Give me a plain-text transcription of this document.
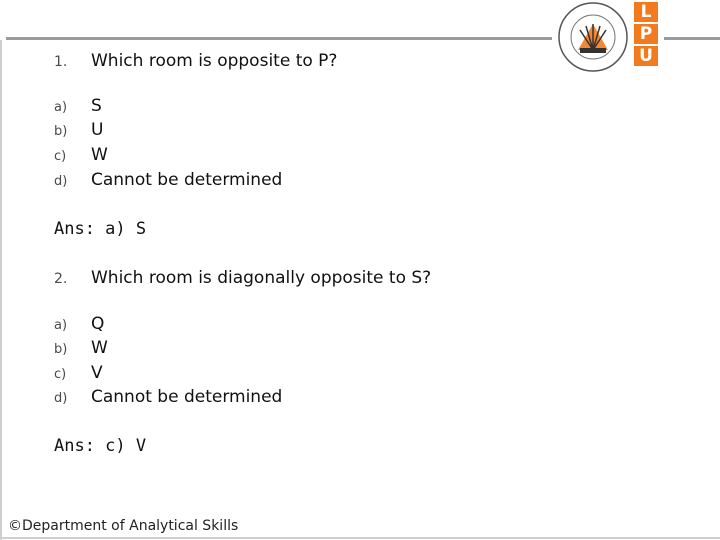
L
P
U
1. Which room is opposite to P?
a) S
b) U
c) W
d) Cannot be determined
Ans: a) S
2. Which room is diagonally opposite to S?
a) Q
b) W
c) V
d) Cannot be determined
Ans: c) V
©Department of Analytical Skills
